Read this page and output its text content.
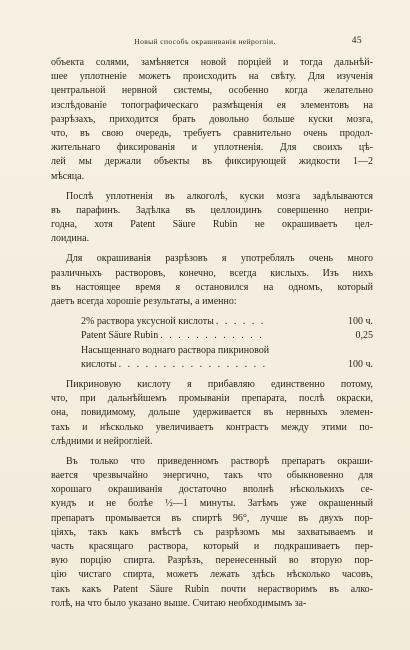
Новый способъ окрашиванія нейрогліи.	45
объекта солями, замѣняется новой порціей и тогда дальнѣй-
шее уплотненіе можетъ происходить на свѣту. Для изученія
центральной нервной системы, особенно когда желательно
изслѣдованіе топографическаго размѣщенія ея элементовъ на
разрѣзахъ, приходится брать довольно больше куски мозга,
что, въ свою очередь, требуетъ сравнительно очень продол-
жительнаго фиксированія и уплотненія. Для своихъ цѣ-
лей мы держали объекты въ фиксирующей жидкости 1—2
мѣсяца.
Послѣ уплотненія въ алкоголѣ, куски мозга задѣлываются
въ парафинъ. Задѣлка въ целлоидинъ совершенно непри-
годна, хотя Patent Säure Rubin не окрашиваетъ цел-
лоидина.
Для окрашиванія разрѣзовъ я употреблялъ очень много
различныхъ растворовъ, конечно, всегда кислыхъ. Изъ нихъ
въ настоящее время я остановился на одномъ, который
даетъ всегда хорошіе результаты, а именно:
2% раствора уксусной кислоты . . . . . .	100 ч.
Patent Säure Rubin . . . . . . . . . . . .	0,25
Насыщеннаго воднаго раствора пикриновой
кислоты . . . . . . . . . . . . . . . . .	100 ч.
Пикриновую кислоту я прибавляю единственно потому,
что, при дальнѣйшемъ промываніи препарата, послѣ окраски,
она, повидимому, дольше удерживается въ нервныхъ элемен-
тахъ и нѣсколько увеличиваетъ контрастъ между этими по-
слѣдними и нейрогліей.
Въ только что приведенномъ растворѣ препаратъ окраши-
вается чрезвычайно энергично, такъ что обыкновенно для
хорошаго окрашиванія достаточно вполнѣ нѣсколькихъ се-
кундъ и не болѣе ½—1 минуты. Затѣмъ уже окрашенный
препаратъ промывается въ спиртѣ 96°, лучше въ двухъ пор-
ціяхъ, такъ какъ вмѣстѣ съ разрѣзомъ мы захватываемъ и
часть красящаго раствора, который и подкрашиваетъ пер-
вую порцію спирта. Разрѣзъ, перенесенный во вторую пор-
цію чистаго спирта, можетъ лежать здѣсь нѣсколько часовъ,
такъ какъ Patent Säure Rubin почти нерастворимъ въ алко-
голѣ, на что было указано выше. Считаю необходимымъ за-
